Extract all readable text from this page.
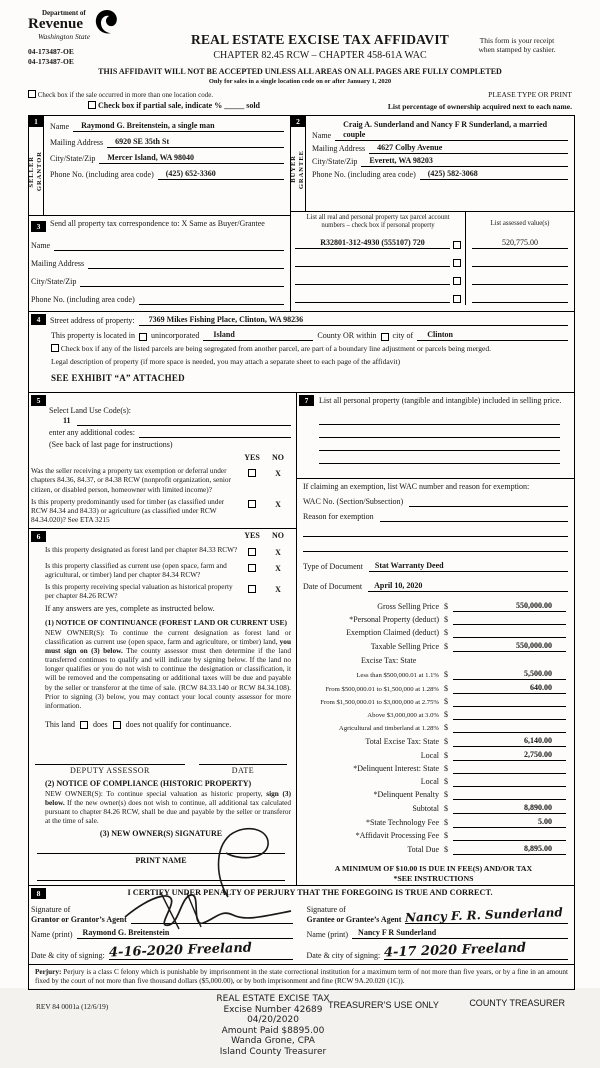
Department of
Revenue
Washington State
04-173487-OE
04-173487-OE
REAL ESTATE EXCISE TAX AFFIDAVIT
CHAPTER 82.45 RCW – CHAPTER 458-61A WAC
This form is your receipt
when stamped by cashier.
THIS AFFIDAVIT WILL NOT BE ACCEPTED UNLESS ALL AREAS ON ALL PAGES ARE FULLY COMPLETED
Only for sales in a single location code on or after January 1, 2020
Check box if the sale occurred in more than one location code.	PLEASE TYPE OR PRINT
Check box if partial sale, indicate % _____ sold	List percentage of ownership acquired next to each name.
1
SELLER GRANTOR
Name	Raymond G. Breitenstein, a single man
Mailing Address	6920 SE 35th St
City/State/Zip	Mercer Island, WA 98040
Phone No. (including area code)	(425) 652-3360
3	Send all property tax correspondence to: X Same as Buyer/Grantee
Name
Mailing Address
City/State/Zip
Phone No. (including area code)
2
BUYER GRANTEE
Name
Craig A. Sunderland and Nancy F R Sunderland, a married couple
Mailing Address	4627 Colby Avenue
City/State/Zip	Everett, WA 98203
Phone No. (including area code)	(425) 582-3068
List all real and personal property tax parcel account numbers – check box if personal property
R32801-312-4930 (555107) 720
List assessed value(s)
520,775.00
4	Street address of property:	7369 Mikes Fishing Place, Clinton, WA 98236
This property is located in unincorporated	Island	County OR within city of	Clinton
Check box if any of the listed parcels are being segregated from another parcel, are part of a boundary line adjustment or parcels being merged.
Legal description of property (if more space is needed, you may attach a separate sheet to each page of the affidavit)
SEE EXHIBIT “A” ATTACHED
5
Select Land Use Code(s):
11
enter any additional codes:
(See back of last page for instructions)
YES	NO
Was the seller receiving a property tax exemption or deferral under chapters 84.36, 84.37, or 84.38 RCW (nonprofit organization, senior citizen, or disabled person, homeowner with limited income)?
X
Is this property predominantly used for timber (as classified under RCW 84.34 and 84.33) or agriculture (as classified under RCW 84.34.020)? See ETA 3215
X
6	YES	NO
Is this property designated as forest land per chapter 84.33 RCW?	X
Is this property classified as current use (open space, farm and agricultural, or timber) land per chapter 84.34 RCW?
X
Is this property receiving special valuation as historical property per chapter 84.26 RCW?
X
If any answers are yes, complete as instructed below.
(1) NOTICE OF CONTINUANCE (FOREST LAND OR CURRENT USE)
NEW OWNER(S): To continue the current designation as forest land or classification as current use (open space, farm and agriculture, or timber) land, you must sign on (3) below. The county assessor must then determine if the land transferred continues to qualify and will indicate by signing below. If the land no longer qualifies or you do not wish to continue the designation or classification, it will be removed and the compensating or additional taxes will be due and payable by the seller or transferor at the time of sale. (RCW 84.33.140 or RCW 84.34.108). Prior to signing (3) below, you may contact your local county assessor for more information.
This land does does not qualify for continuance.
DEPUTY ASSESSOR	DATE
(2) NOTICE OF COMPLIANCE (HISTORIC PROPERTY)
NEW OWNER(S): To continue special valuation as historic property, sign (3) below. If the new owner(s) does not wish to continue, all additional tax calculated pursuant to chapter 84.26 RCW, shall be due and payable by the seller or transferor at the time of sale.
(3) NEW OWNER(S) SIGNATURE
PRINT NAME
7	List all personal property (tangible and intangible) included in selling price.
If claiming an exemption, list WAC number and reason for exemption:
WAC No. (Section/Subsection)
Reason for exemption
Type of Document	Stat Warranty Deed
Date of Document	April 10, 2020
Gross Selling Price $	550,000.00
*Personal Property (deduct) $
Exemption Claimed (deduct) $
Taxable Selling Price $	550,000.00
Excise Tax: State
Less than $500,000.01 at 1.1% $	5,500.00
From $500,000.01 to $1,500,000 at 1.28% $	640.00
From $1,500,000.01 to $3,000,000 at 2.75% $
Above $3,000,000 at 3.0% $
Agricultural and timberland at 1.28% $
Total Excise Tax: State $	6,140.00
Local $	2,750.00
*Delinquent Interest: State $
Local $
*Delinquent Penalty $
Subtotal $	8,890.00
*State Technology Fee $	5.00
*Affidavit Processing Fee $
Total Due $	8,895.00
A MINIMUM OF $10.00 IS DUE IN FEE(S) AND/OR TAX
*SEE INSTRUCTIONS
8	I CERTIFY UNDER PENALTY OF PERJURY THAT THE FOREGOING IS TRUE AND CORRECT.
Signature of
Grantor or Grantor’s Agent
Name (print)	Raymond G. Breitenstein
Date & city of signing: 4-16-2020 Freeland
Signature of
Grantee or Grantee’s Agent Nancy F. R. Sunderland
Name (print)	Nancy F R Sunderland
Date & city of signing: 4-17 2020 Freeland
Perjury: Perjury is a class C felony which is punishable by imprisonment in the state correctional institution for a maximum term of not more than five years, or by a fine in an amount fixed by the court of not more than five thousand dollars ($5,000.00), or by both imprisonment and fine (RCW 9A.20.020 (1C)).
REV 84 0001a (12/6/19)	TREASURER’S USE ONLY	COUNTY TREASURER
REAL ESTATE EXCISE TAX
Excise Number 42689
04/20/2020
Amount Paid $8895.00
Wanda Grone, CPA
Island County Treasurer
